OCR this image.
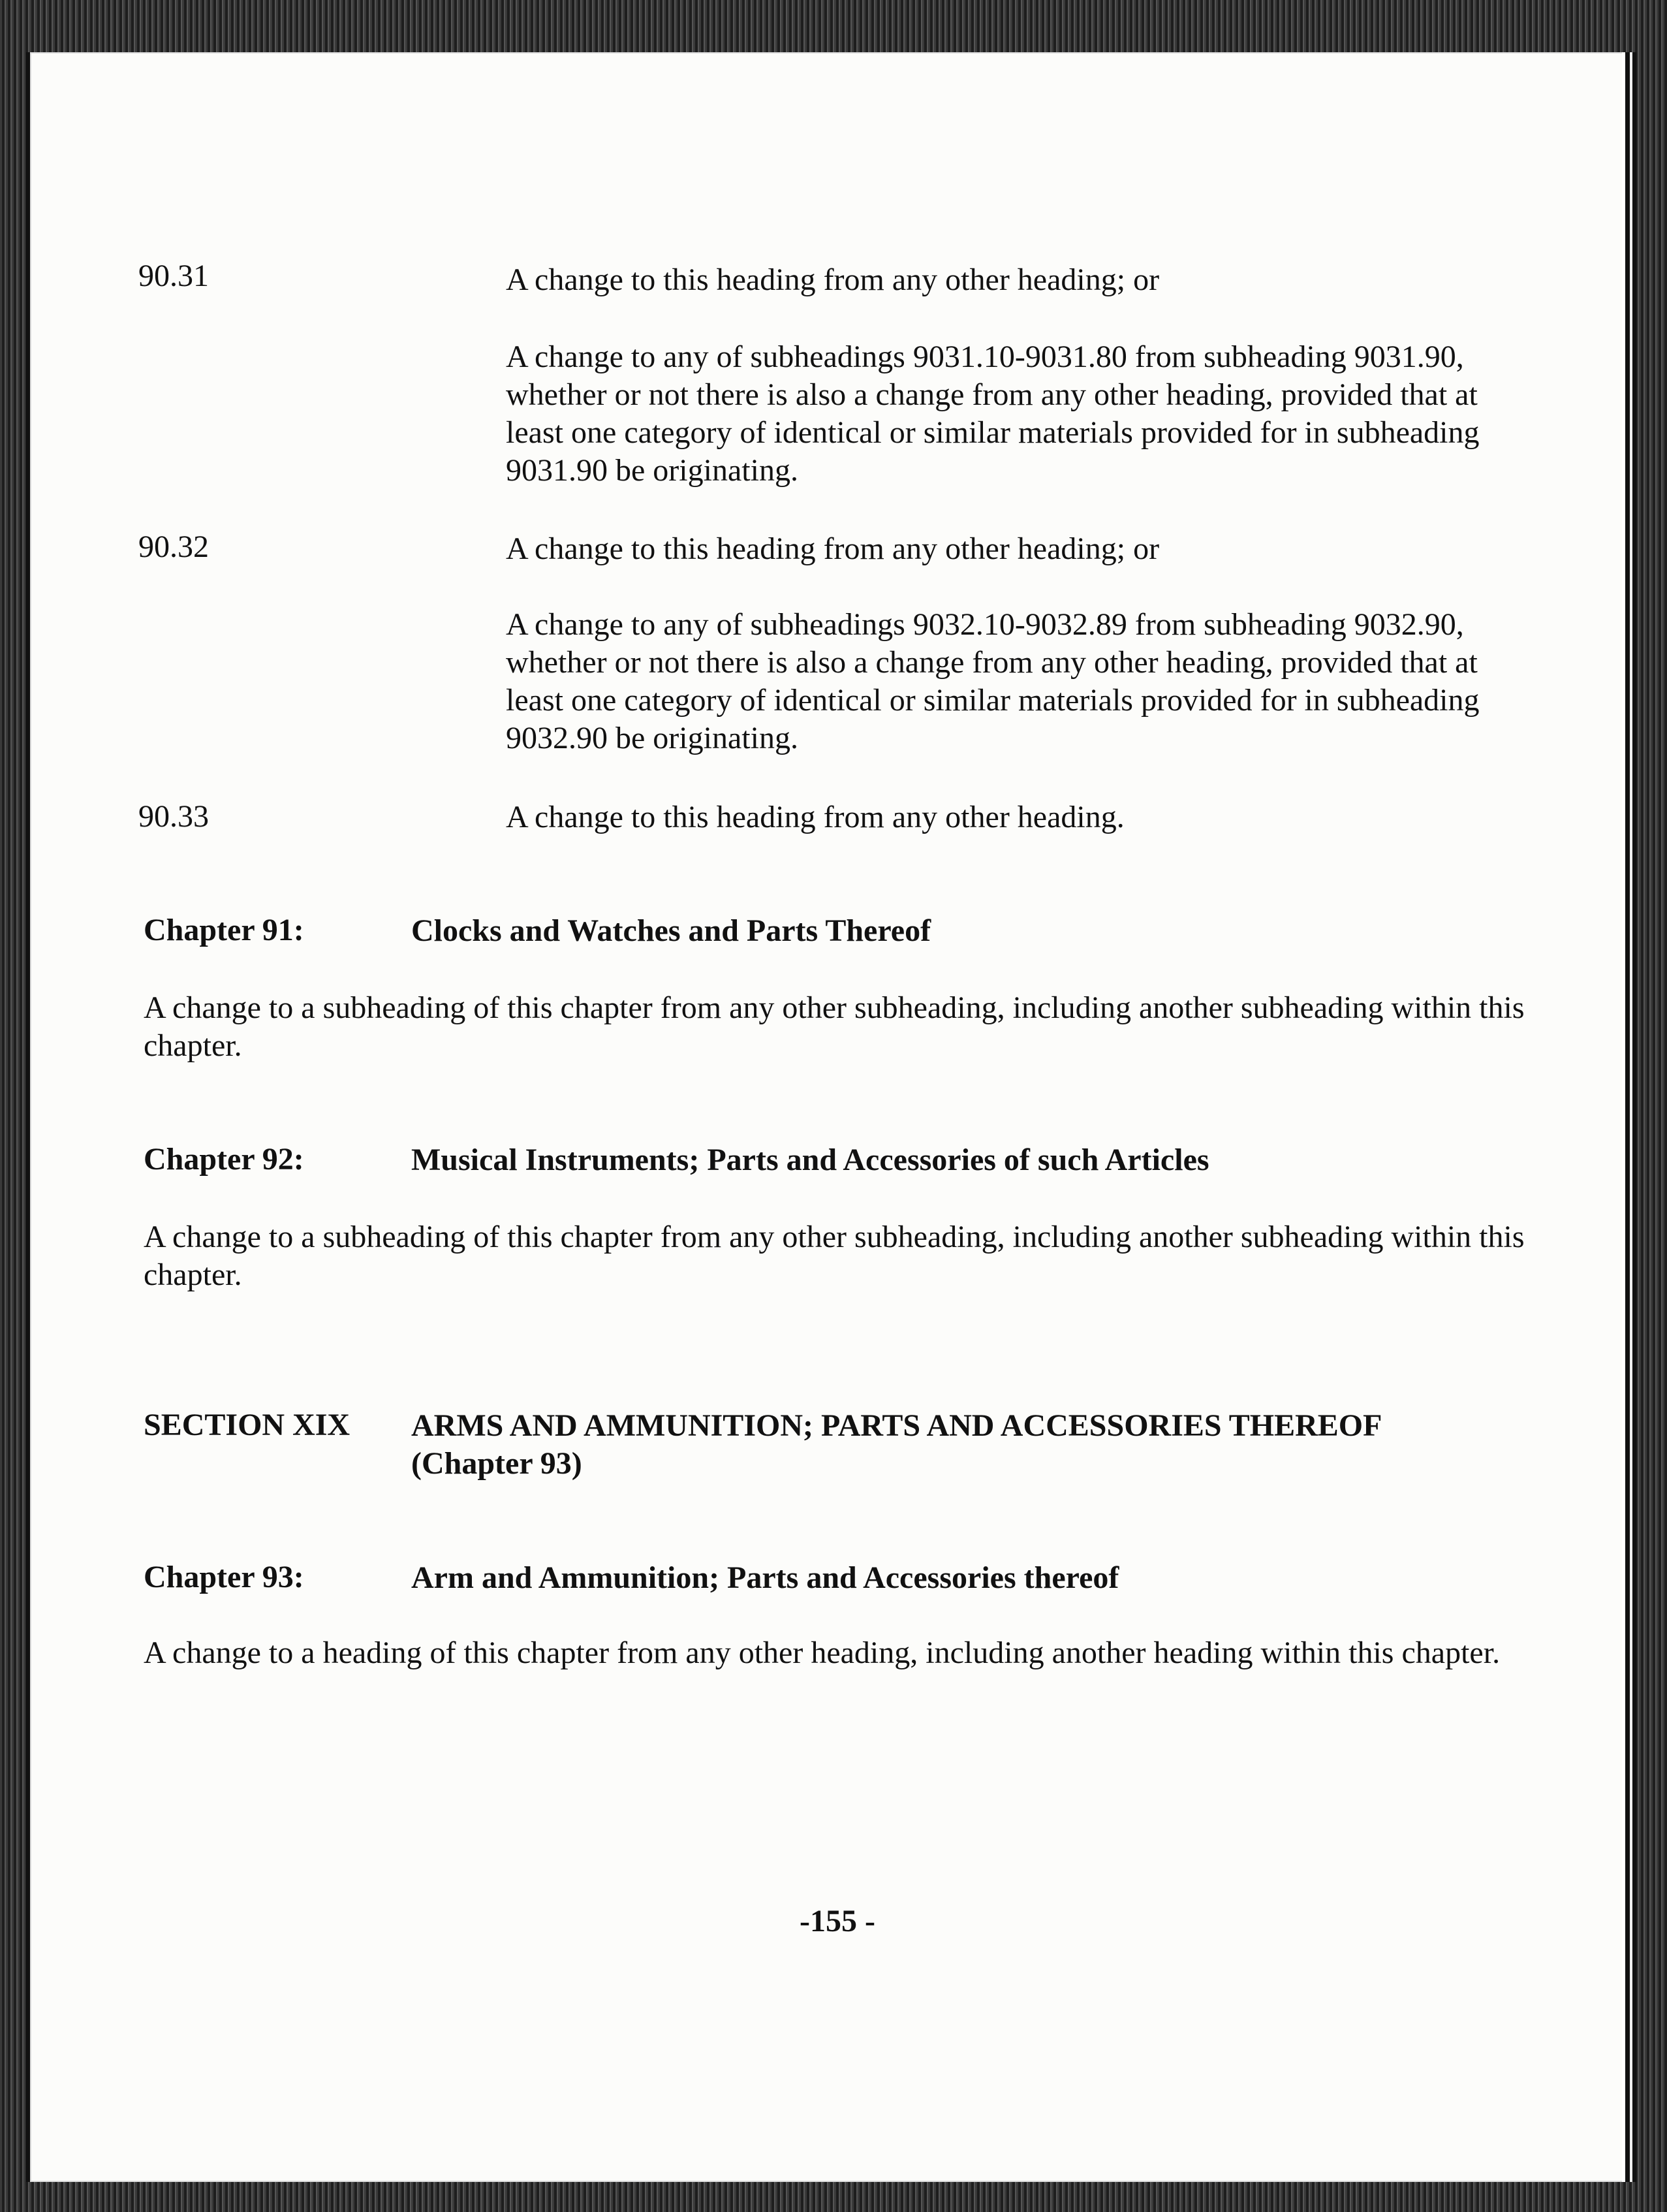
90.31	A change to this heading from any other heading; or
A change to any of subheadings 9031.10-9031.80 from subheading 9031.90, whether or not there is also a change from any other heading, provided that at least one category of identical or similar materials provided for in subheading 9031.90 be originating.
90.32	A change to this heading from any other heading; or
A change to any of subheadings 9032.10-9032.89 from subheading 9032.90, whether or not there is also a change from any other heading, provided that at least one category of identical or similar materials provided for in subheading 9032.90 be originating.
90.33	A change to this heading from any other heading.
Chapter 91:	Clocks and Watches and Parts Thereof
A change to a subheading of this chapter from any other subheading, including another subheading within this chapter.
Chapter 92:	Musical Instruments; Parts and Accessories of such Articles
A change to a subheading of this chapter from any other subheading, including another subheading within this chapter.
SECTION XIX ARMS AND AMMUNITION; PARTS AND ACCESSORIES THEREOF
(Chapter 93)
Chapter 93:	Arm and Ammunition; Parts and Accessories thereof
A change to a heading of this chapter from any other heading, including another heading within this chapter.
-155 -
